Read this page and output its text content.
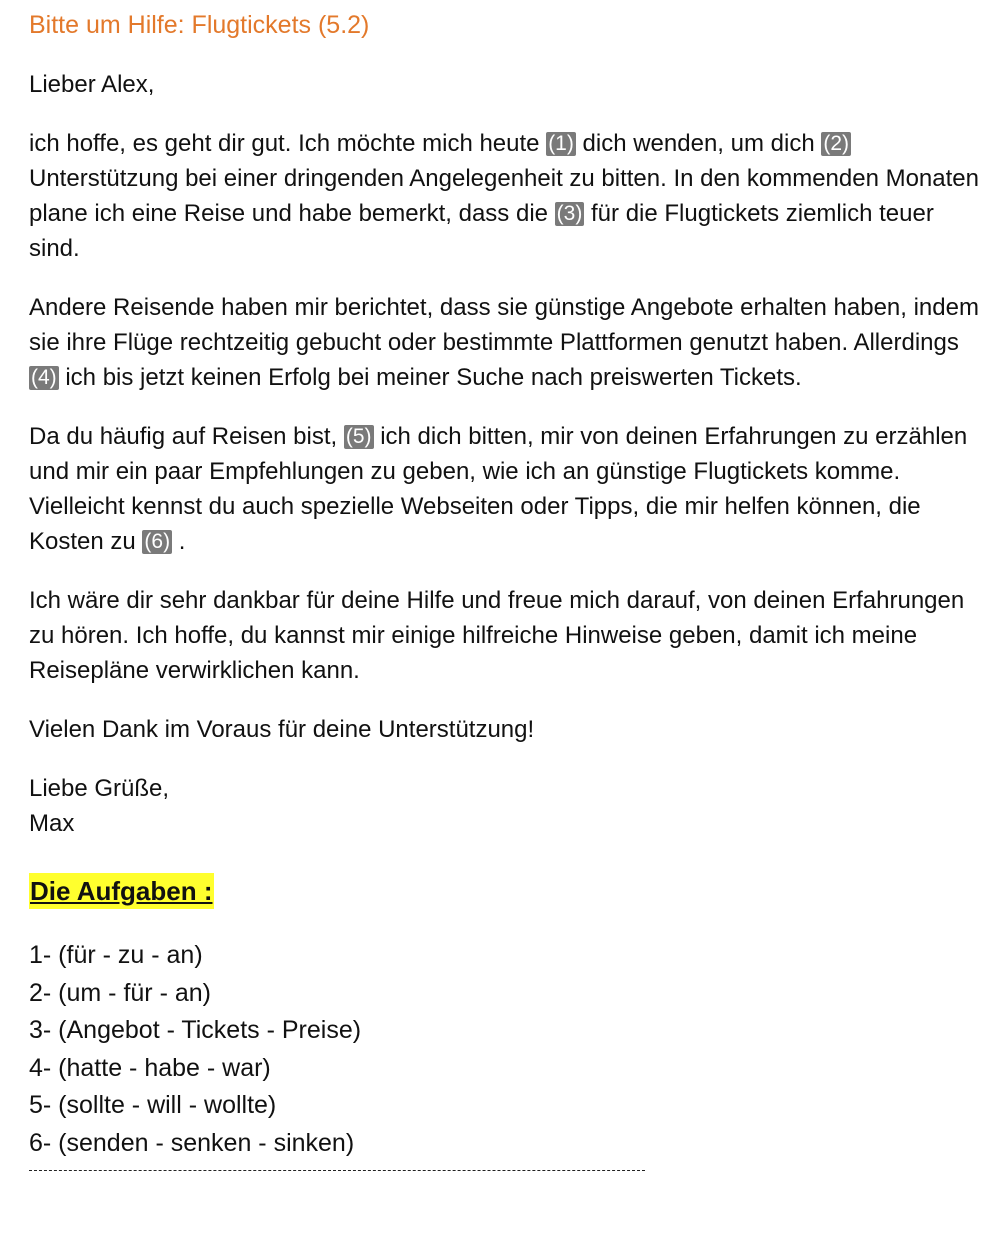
Bitte um Hilfe: Flugtickets (5.2)

Lieber Alex,

ich hoffe, es geht dir gut. Ich möchte mich heute (1) dich wenden, um dich (2) Unterstützung bei einer dringenden Angelegenheit zu bitten. In den kommenden Monaten plane ich eine Reise und habe bemerkt, dass die (3) für die Flugtickets ziemlich teuer sind.

Andere Reisende haben mir berichtet, dass sie günstige Angebote erhalten haben, indem sie ihre Flüge rechtzeitig gebucht oder bestimmte Plattformen genutzt haben. Allerdings (4) ich bis jetzt keinen Erfolg bei meiner Suche nach preiswerten Tickets.

Da du häufig auf Reisen bist, (5) ich dich bitten, mir von deinen Erfahrungen zu erzählen und mir ein paar Empfehlungen zu geben, wie ich an günstige Flugtickets komme. Vielleicht kennst du auch spezielle Webseiten oder Tipps, die mir helfen können, die Kosten zu (6) .

Ich wäre dir sehr dankbar für deine Hilfe und freue mich darauf, von deinen Erfahrungen zu hören. Ich hoffe, du kannst mir einige hilfreiche Hinweise geben, damit ich meine Reisepläne verwirklichen kann.

Vielen Dank im Voraus für deine Unterstützung!

Liebe Grüße,
Max

Die Aufgaben :
1- (für - zu - an)
2- (um - für - an)
3- (Angebot - Tickets - Preise)
4- (hatte - habe - war)
5- (sollte - will - wollte)
6- (senden - senken - sinken)
